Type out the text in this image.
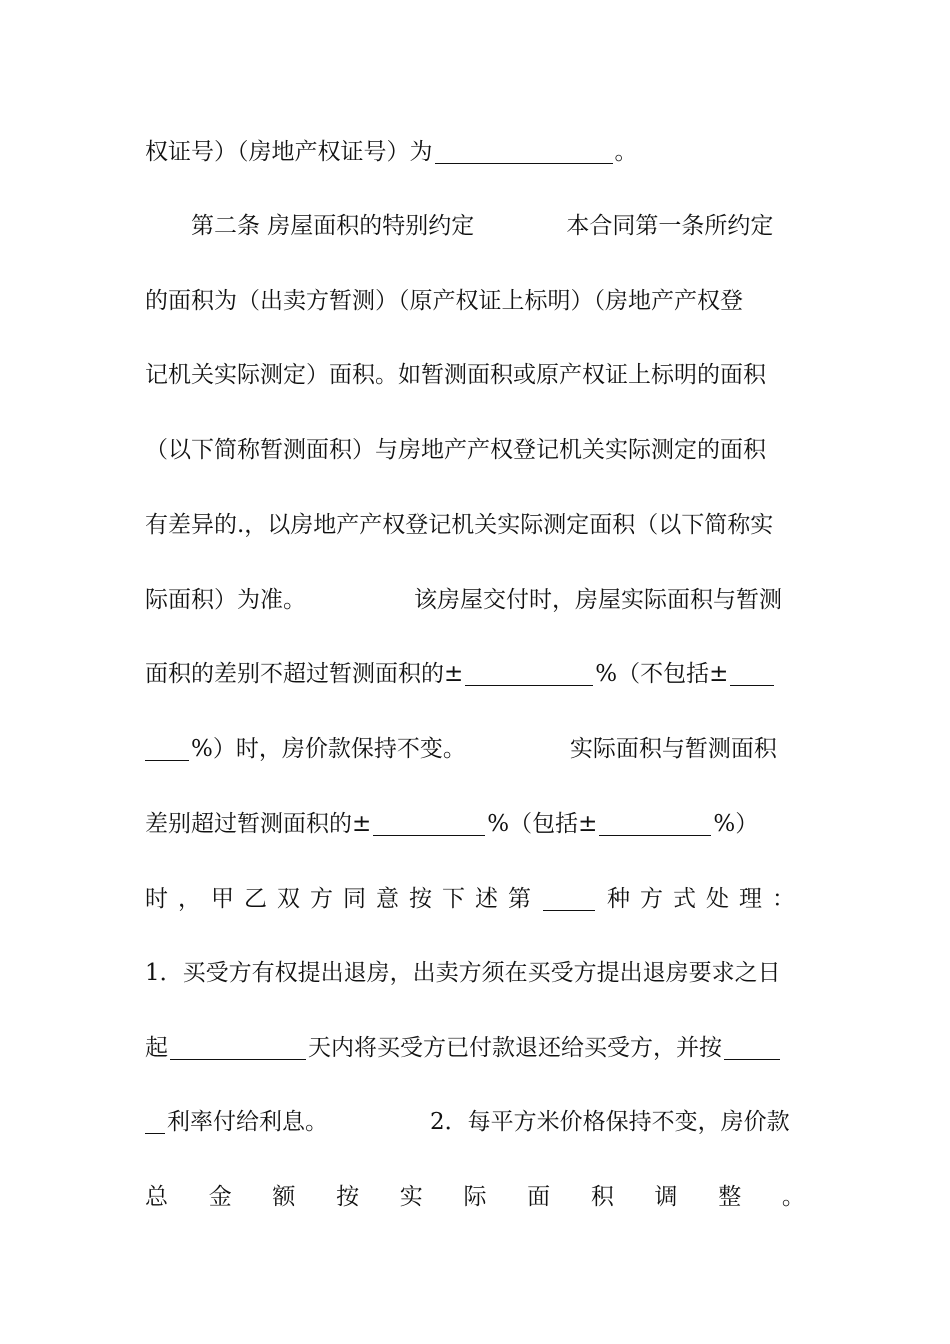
权证号）（房地产权证号）为	。
第二条 房屋面积的特别约定	本合同第一条所约定
的面积为（出卖方暂测）（原产权证上标明）（房地产产权登
记机关实际测定）面积。如暂测面积或原产权证上标明的面积
（以下简称暂测面积）与房地产产权登记机关实际测定的面积
有差异的.，以房地产产权登记机关实际测定面积（以下简称实
际面积）为准。	该房屋交付时，房屋实际面积与暂测
面积的差别不超过暂测面积的±	%（不包括±
%）时，房价款保持不变。	实际面积与暂测面积
差别超过暂测面积的±	%（包括±	%）
时，甲乙双方同意按下述第	种方式处理：
1．买受方有权提出退房，出卖方须在买受方提出退房要求之日
起	天内将买受方已付款退还给买受方，并按
利率付给利息。	2．每平方米价格保持不变，房价款
总 金 额 按 实 际 面 积 调 整 。
